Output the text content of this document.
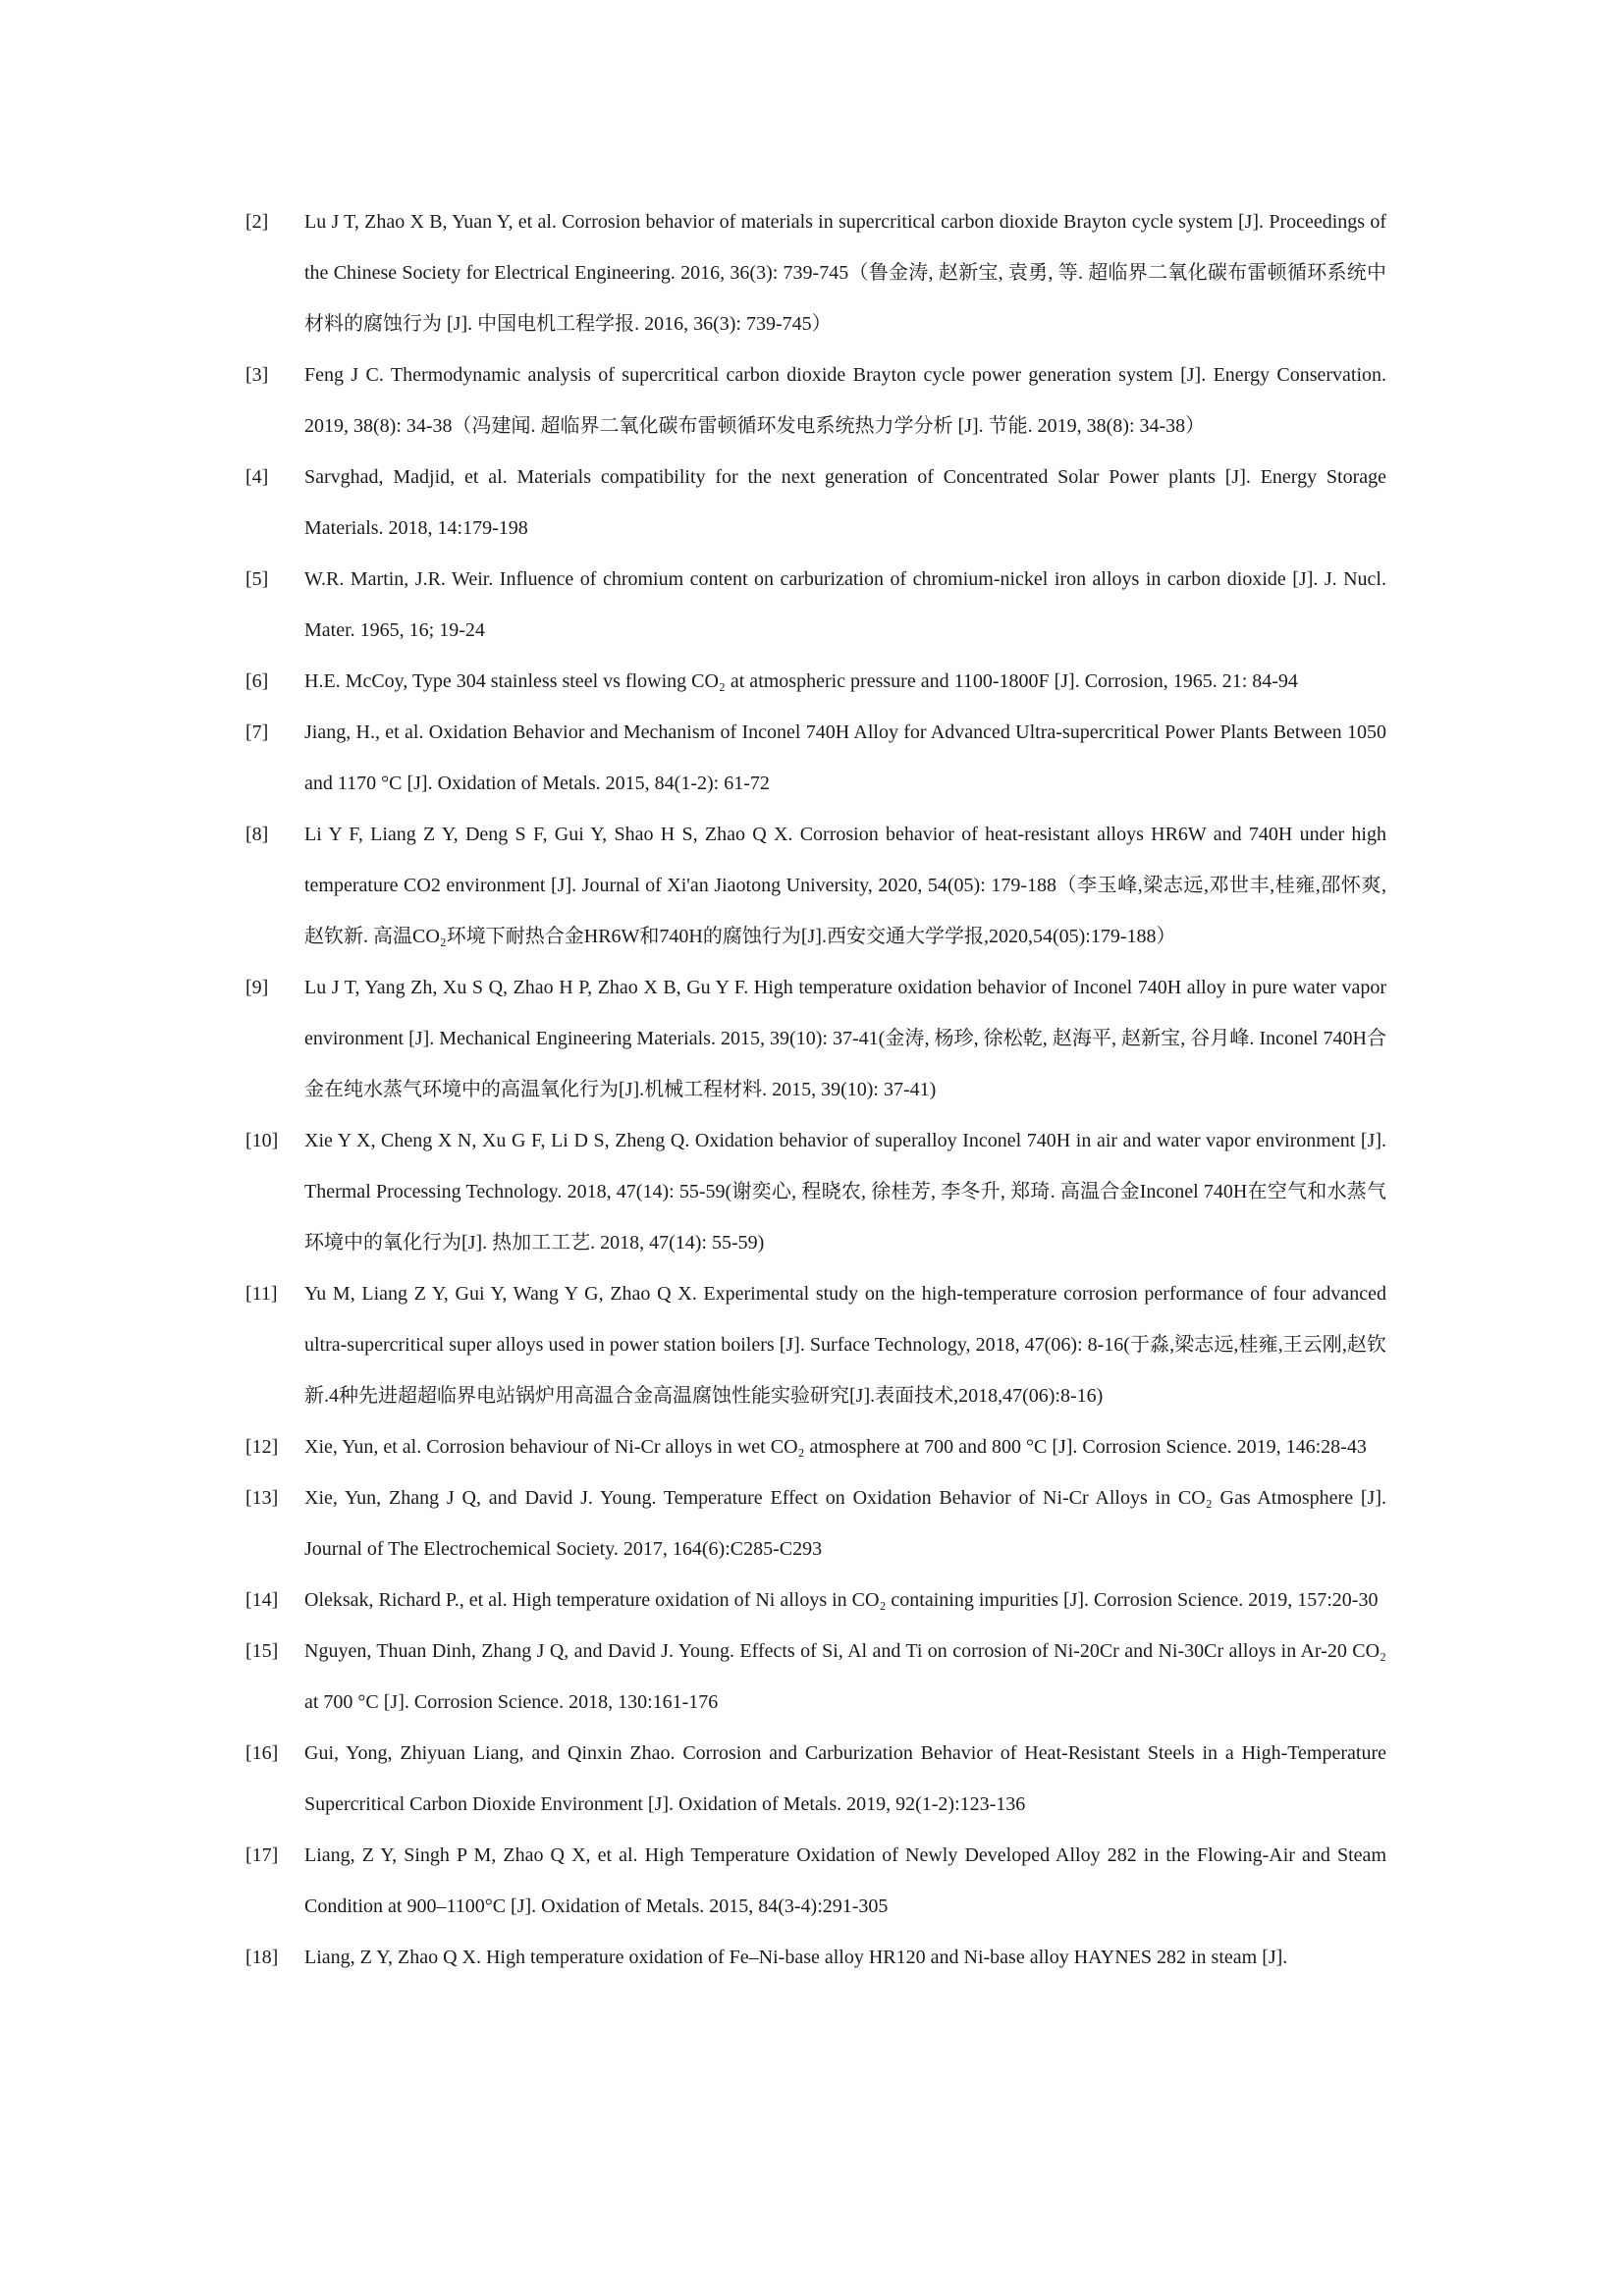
[2] Lu J T, Zhao X B, Yuan Y, et al. Corrosion behavior of materials in supercritical carbon dioxide Brayton cycle system [J]. Proceedings of the Chinese Society for Electrical Engineering. 2016, 36(3): 739-745（鲁金涛, 赵新宝, 袁勇, 等. 超临界二氧化碳布雷顿循环系统中材料的腐蚀行为 [J]. 中国电机工程学报. 2016, 36(3): 739-745）
[3] Feng J C. Thermodynamic analysis of supercritical carbon dioxide Brayton cycle power generation system [J]. Energy Conservation. 2019, 38(8): 34-38（冯建闻. 超临界二氧化碳布雷顿循环发电系统热力学分析 [J]. 节能. 2019, 38(8): 34-38）
[4] Sarvghad, Madjid, et al. Materials compatibility for the next generation of Concentrated Solar Power plants [J]. Energy Storage Materials. 2018, 14:179-198
[5] W.R. Martin, J.R. Weir. Influence of chromium content on carburization of chromium-nickel iron alloys in carbon dioxide [J]. J. Nucl. Mater. 1965, 16; 19-24
[6] H.E. McCoy, Type 304 stainless steel vs flowing CO₂ at atmospheric pressure and 1100-1800F [J]. Corrosion, 1965. 21: 84-94
[7] Jiang, H., et al. Oxidation Behavior and Mechanism of Inconel 740H Alloy for Advanced Ultra-supercritical Power Plants Between 1050 and 1170 °C [J]. Oxidation of Metals. 2015, 84(1-2): 61-72
[8] Li Y F, Liang Z Y, Deng S F, Gui Y, Shao H S, Zhao Q X. Corrosion behavior of heat-resistant alloys HR6W and 740H under high temperature CO2 environment [J]. Journal of Xi'an Jiaotong University, 2020, 54(05): 179-188（李玉峰,梁志远,邓世丰,桂雍,邵怀爽,赵钦新. 高温CO₂环境下耐热合金HR6W和740H的腐蚀行为[J].西安交通大学学报,2020,54(05):179-188）
[9] Lu J T, Yang Zh, Xu S Q, Zhao H P, Zhao X B, Gu Y F. High temperature oxidation behavior of Inconel 740H alloy in pure water vapor environment [J]. Mechanical Engineering Materials. 2015, 39(10): 37-41(金涛, 杨珍, 徐松乾, 赵海平, 赵新宝, 谷月峰. Inconel 740H合金在纯水蒸气环境中的高温氧化行为[J].机械工程材料. 2015, 39(10): 37-41)
[10] Xie Y X, Cheng X N, Xu G F, Li D S, Zheng Q. Oxidation behavior of superalloy Inconel 740H in air and water vapor environment [J]. Thermal Processing Technology. 2018, 47(14): 55-59(谢奕心, 程晓农, 徐桂芳, 李冬升, 郑琦. 高温合金Inconel 740H在空气和水蒸气环境中的氧化行为[J]. 热加工工艺. 2018, 47(14): 55-59)
[11] Yu M, Liang Z Y, Gui Y, Wang Y G, Zhao Q X. Experimental study on the high-temperature corrosion performance of four advanced ultra-supercritical super alloys used in power station boilers [J]. Surface Technology, 2018, 47(06): 8-16(于淼,梁志远,桂雍,王云刚,赵钦新.4种先进超超临界电站锅炉用高温合金高温腐蚀性能实验研究[J].表面技术,2018,47(06):8-16)
[12] Xie, Yun, et al. Corrosion behaviour of Ni-Cr alloys in wet CO₂ atmosphere at 700 and 800 °C [J]. Corrosion Science. 2019, 146:28-43
[13] Xie, Yun, Zhang J Q, and David J. Young. Temperature Effect on Oxidation Behavior of Ni-Cr Alloys in CO₂ Gas Atmosphere [J]. Journal of The Electrochemical Society. 2017, 164(6):C285-C293
[14] Oleksak, Richard P., et al. High temperature oxidation of Ni alloys in CO₂ containing impurities [J]. Corrosion Science. 2019, 157:20-30
[15] Nguyen, Thuan Dinh, Zhang J Q, and David J. Young. Effects of Si, Al and Ti on corrosion of Ni-20Cr and Ni-30Cr alloys in Ar-20 CO₂ at 700 °C [J]. Corrosion Science. 2018, 130:161-176
[16] Gui, Yong, Zhiyuan Liang, and Qinxin Zhao. Corrosion and Carburization Behavior of Heat-Resistant Steels in a High-Temperature Supercritical Carbon Dioxide Environment [J]. Oxidation of Metals. 2019, 92(1-2):123-136
[17] Liang, Z Y, Singh P M, Zhao Q X, et al. High Temperature Oxidation of Newly Developed Alloy 282 in the Flowing-Air and Steam Condition at 900–1100°C [J]. Oxidation of Metals. 2015, 84(3-4):291-305
[18] Liang, Z Y, Zhao Q X. High temperature oxidation of Fe–Ni-base alloy HR120 and Ni-base alloy HAYNES 282 in steam [J].
